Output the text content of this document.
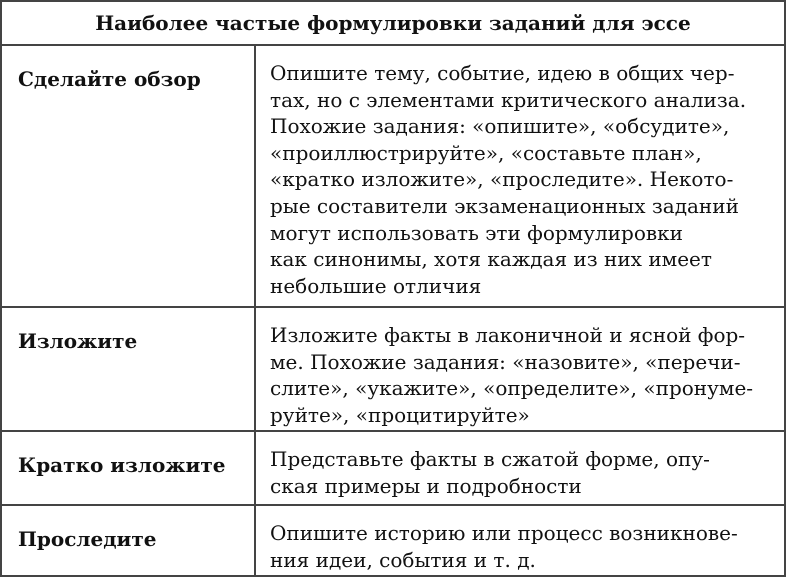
Наиболее частые формулировки заданий для эссе
Сделайте обзор	Опишите тему, событие, идею в общих чер-
тах, но с элементами критического анализа.
Похожие задания: «опишите», «обсудите»,
«проиллюстрируйте», «составьте план»,
«кратко изложите», «проследите». Некото-
рые составители экзаменационных заданий
могут использовать эти формулировки
как синонимы, хотя каждая из них имеет
небольшие отличия
Изложите	Изложите факты в лаконичной и ясной фор-
ме. Похожие задания: «назовите», «перечи-
слите», «укажите», «определите», «пронуме-
руйте», «процитируйте»
Кратко изложите	Представьте факты в сжатой форме, опу-
ская примеры и подробности
Проследите	Опишите историю или процесс возникнове-
ния идеи, события и т. д.
